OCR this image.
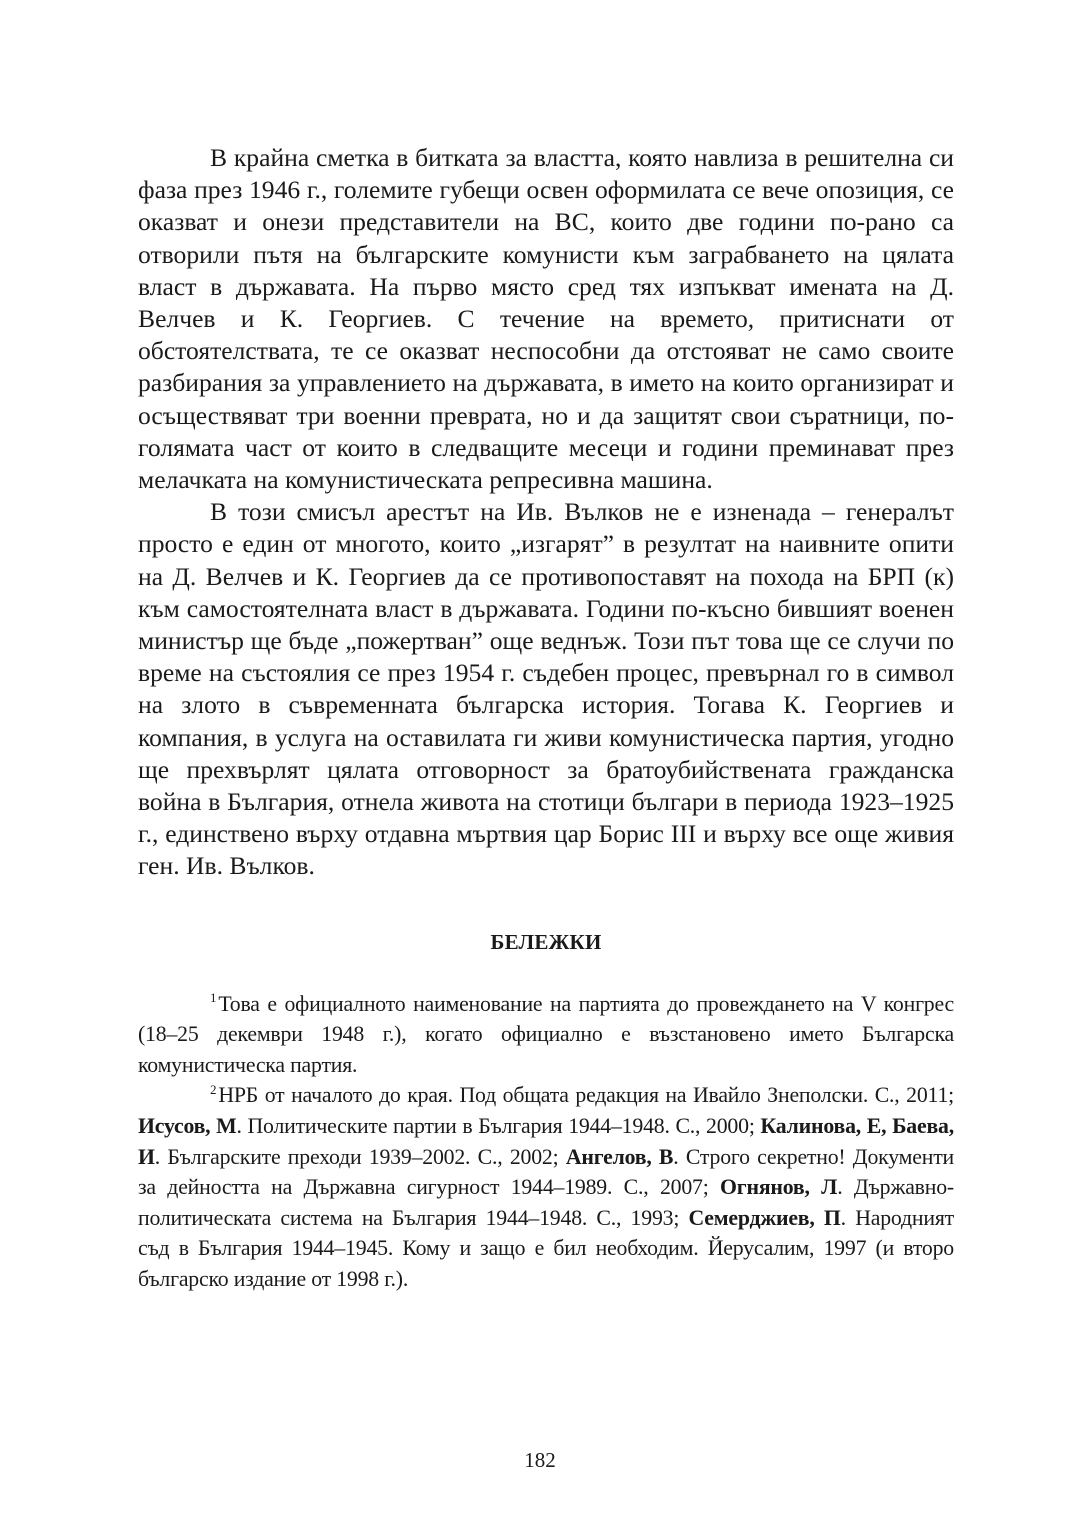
В крайна сметка в битката за властта, която навлиза в решителна си фаза през 1946 г., големите губещи освен оформилата се вече опозиция, се оказват и онези представители на ВС, които две години по-рано са отворили пътя на българските комунисти към заграбването на цялата власт в държавата. На първо място сред тях изпъкват имената на Д. Велчев и К. Георгиев. С течение на времето, притиснати от обстоятелствата, те се оказват неспособни да отстояват не само своите разбирания за управлението на държавата, в името на които организират и осъществяват три военни преврата, но и да защитят свои съратници, по-голямата част от които в следващите месеци и години преминават през мелачката на комунистическата репресивна машина.

В този смисъл арестът на Ив. Вълков не е изненада – генералът просто е един от многото, които „изгарят” в резултат на наивните опити на Д. Велчев и К. Георгиев да се противопоставят на похода на БРП (к) към самостоятелната власт в държавата. Години по-късно бившият военен министър ще бъде „пожертван” още веднъж. Този път това ще се случи по време на състоялия се през 1954 г. съдебен процес, превърнал го в символ на злото в съвременната българска история. Тогава К. Георгиев и компания, в услуга на оставилата ги живи комунистическа партия, угодно ще прехвърлят цялата отговорност за братоубийствената гражданска война в България, отнела живота на стотици българи в периода 1923–1925 г., единствено върху отдавна мъртвия цар Борис III и върху все още живия ген. Ив. Вълков.

БЕЛЕЖКИ

$^1$Това е официалното наименование на партията до провеждането на V конгрес (18–25 декември 1948 г.), когато официално е възстановено името Българска комунистическа партия.

$^2$НРБ от началото до края. Под общата редакция на Ивайло Знеполски. С., 2011; Исусов, М. Политическите партии в България 1944–1948. С., 2000; Калинова, Е, Баева, И. Българските преходи 1939–2002. С., 2002; Ангелов, В. Строго секретно! Документи за дейността на Държавна сигурност 1944–1989. С., 2007; Огнянов, Л. Държавно-политическата система на България 1944–1948. С., 1993; Семерджиев, П. Народният съд в България 1944–1945. Кому и защо е бил необходим. Йерусалим, 1997 (и второ българско издание от 1998 г.).

182
